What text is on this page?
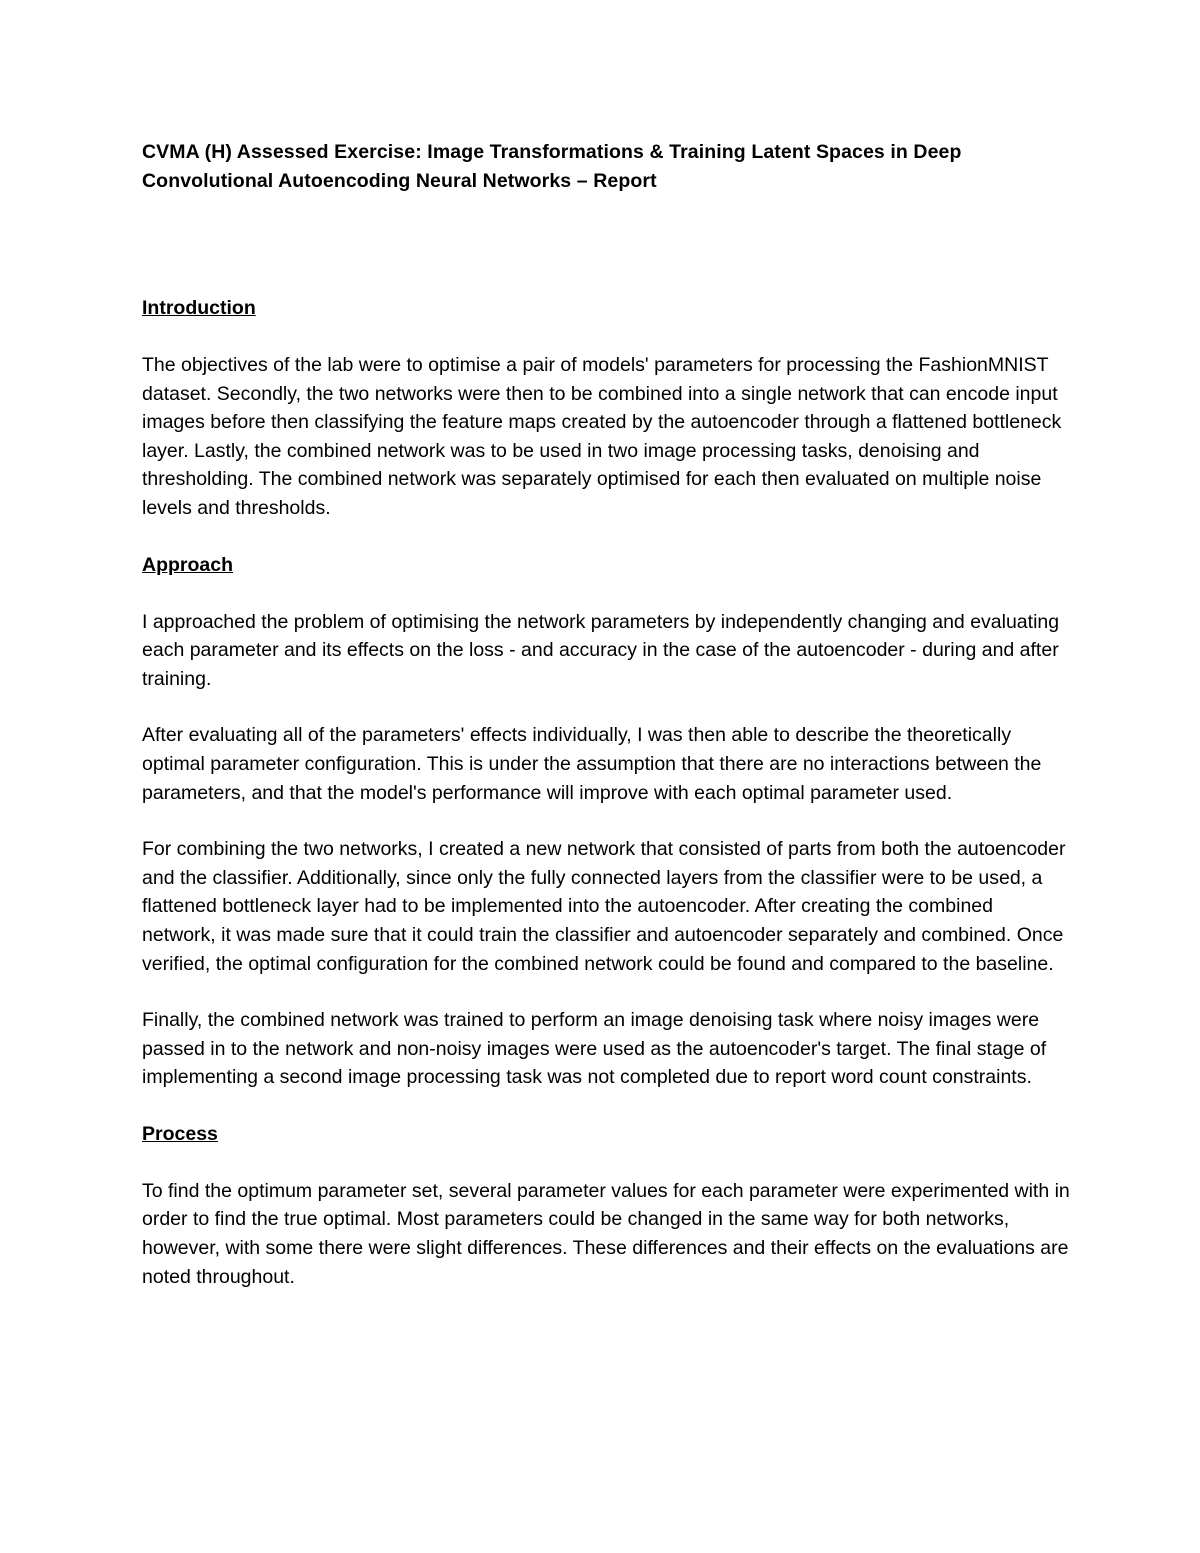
CVMA (H) Assessed Exercise: Image Transformations & Training Latent Spaces in Deep Convolutional Autoencoding Neural Networks – Report

Introduction

The objectives of the lab were to optimise a pair of models' parameters for processing the FashionMNIST dataset. Secondly, the two networks were then to be combined into a single network that can encode input images before then classifying the feature maps created by the autoencoder through a flattened bottleneck layer. Lastly, the combined network was to be used in two image processing tasks, denoising and thresholding. The combined network was separately optimised for each then evaluated on multiple noise levels and thresholds.

Approach

I approached the problem of optimising the network parameters by independently changing and evaluating each parameter and its effects on the loss - and accuracy in the case of the autoencoder - during and after training.

After evaluating all of the parameters' effects individually, I was then able to describe the theoretically optimal parameter configuration. This is under the assumption that there are no interactions between the parameters, and that the model's performance will improve with each optimal parameter used.

For combining the two networks, I created a new network that consisted of parts from both the autoencoder and the classifier. Additionally, since only the fully connected layers from the classifier were to be used, a flattened bottleneck layer had to be implemented into the autoencoder. After creating the combined network, it was made sure that it could train the classifier and autoencoder separately and combined. Once verified, the optimal configuration for the combined network could be found and compared to the baseline.

Finally, the combined network was trained to perform an image denoising task where noisy images were passed in to the network and non-noisy images were used as the autoencoder's target. The final stage of implementing a second image processing task was not completed due to report word count constraints.

Process

To find the optimum parameter set, several parameter values for each parameter were experimented with in order to find the true optimal. Most parameters could be changed in the same way for both networks, however, with some there were slight differences. These differences and their effects on the evaluations are noted throughout.
